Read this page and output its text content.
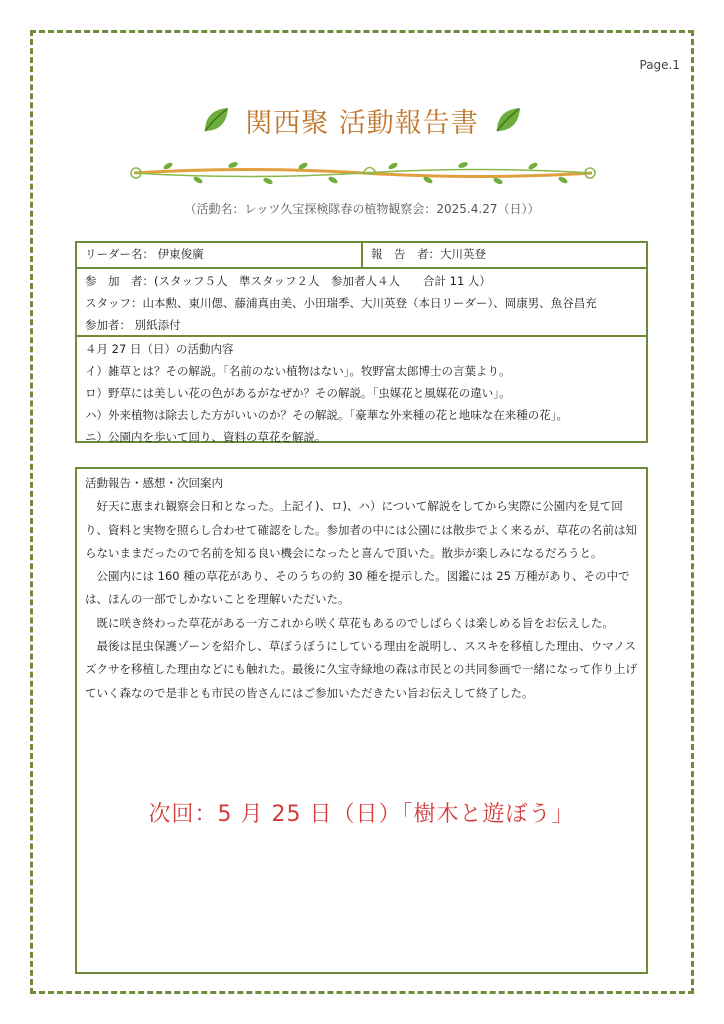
Page.1
関西聚 活動報告書
（活動名：レッツ久宝探検隊春の植物観察会：2025.4.27（日））
リーダー名： 伊東俊廣	報　告　者：大川英登
参　加　者：(スタッフ５人　準スタッフ２人　参加者人４人　　合計 11 人）
スタッフ：山本勲、東川偲、藤浦真由美、小田瑞季、大川英登（本日リーダー）、岡康男、魚谷昌充
参加者： 別紙添付
４月 27 日（日）の活動内容
イ）雑草とは？その解説。「名前のない植物はない」。牧野富太郎博士の言葉より。
ロ）野草には美しい花の色があるがなぜか？その解説。「虫媒花と風媒花の違い」。
ハ）外来植物は除去した方がいいのか？その解説。「豪華な外来種の花と地味な在来種の花」。
ニ）公園内を歩いて回り、資料の草花を解説。

活動報告・感想・次回案内

好天に恵まれ観察会日和となった。上記イ)、ロ)、ハ）について解説をしてから実際に公園内を見て回り、資料と実物を照らし合わせて確認をした。参加者の中には公園には散歩でよく来るが、草花の名前は知らないままだったので名前を知る良い機会になったと喜んで頂いた。散歩が楽しみになるだろうと。

公園内には 160 種の草花があり、そのうちの約 30 種を提示した。図鑑には 25 万種があり、その中では、ほんの一部でしかないことを理解いただいた。

既に咲き終わった草花がある一方これから咲く草花もあるのでしばらくは楽しめる旨をお伝えした。

最後は昆虫保護ゾーンを紹介し、草ぼうぼうにしている理由を説明し、ススキを移植した理由、ウマノスズクサを移植した理由などにも触れた。最後に久宝寺緑地の森は市民との共同参画で一緒になって作り上げていく森なので是非とも市民の皆さんにはご参加いただきたい旨お伝えして終了した。

次回：5 月 25 日（日）「樹木と遊ぼう」
